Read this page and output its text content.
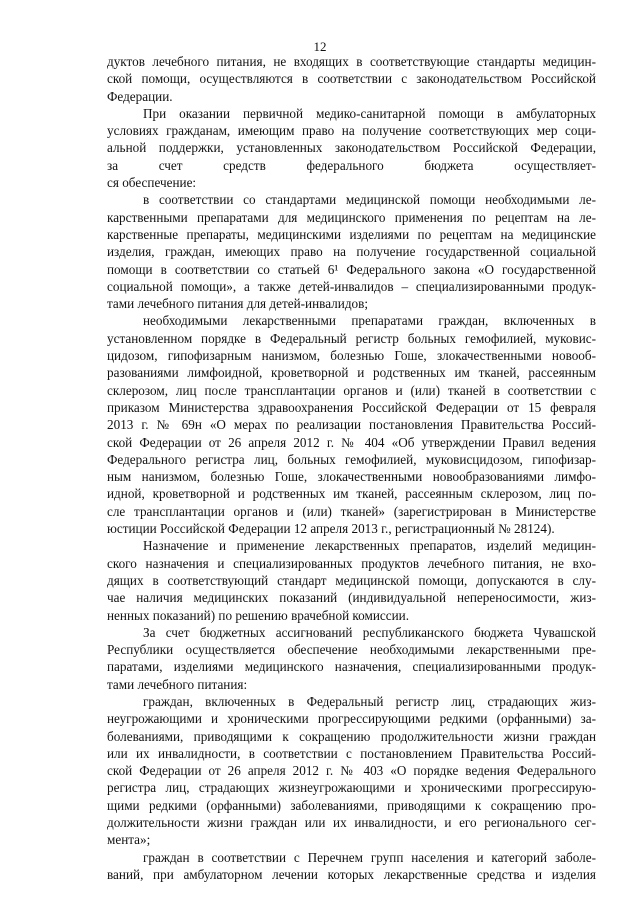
12
дуктов лечебного питания, не входящих в соответствующие стандарты медицин-
ской помощи, осуществляются в соответствии с законодательством Российской
Федерации.
При оказании первичной медико-санитарной помощи в амбулаторных
условиях гражданам, имеющим право на получение соответствующих мер соци-
альной поддержки, установленных законодательством Российской Федерации,
за счет средств федерального бюджета осуществляет-
ся обеспечение:
в соответствии со стандартами медицинской помощи необходимыми ле-
карственными препаратами для медицинского применения по рецептам на ле-
карственные препараты, медицинскими изделиями по рецептам на медицинские
изделия, граждан, имеющих право на получение государственной социальной
помощи в соответствии со статьей 6¹ Федерального закона «О государственной
социальной помощи», а также детей-инвалидов – специализированными продук-
тами лечебного питания для детей-инвалидов;
необходимыми лекарственными препаратами граждан, включенных в
установленном порядке в Федеральный регистр больных гемофилией, муковис-
цидозом, гипофизарным нанизмом, болезнью Гоше, злокачественными новооб-
разованиями лимфоидной, кроветворной и родственных им тканей, рассеянным
склерозом, лиц после трансплантации органов и (или) тканей в соответствии с
приказом Министерства здравоохранения Российской Федерации от 15 февраля
2013 г. № 69н «О мерах по реализации постановления Правительства Россий-
ской Федерации от 26 апреля 2012 г. № 404 «Об утверждении Правил ведения
Федерального регистра лиц, больных гемофилией, муковисцидозом, гипофизар-
ным нанизмом, болезнью Гоше, злокачественными новообразованиями лимфо-
идной, кроветворной и родственных им тканей, рассеянным склерозом, лиц по-
сле трансплантации органов и (или) тканей» (зарегистрирован в Министерстве
юстиции Российской Федерации 12 апреля 2013 г., регистрационный № 28124).
Назначение и применение лекарственных препаратов, изделий медицин-
ского назначения и специализированных продуктов лечебного питания, не вхо-
дящих в соответствующий стандарт медицинской помощи, допускаются в слу-
чае наличия медицинских показаний (индивидуальной непереносимости, жиз-
ненных показаний) по решению врачебной комиссии.
За счет бюджетных ассигнований республиканского бюджета Чувашской
Республики осуществляется обеспечение необходимыми лекарственными пре-
паратами, изделиями медицинского назначения, специализированными продук-
тами лечебного питания:
граждан, включенных в Федеральный регистр лиц, страдающих жиз-
неугрожающими и хроническими прогрессирующими редкими (орфанными) за-
болеваниями, приводящими к сокращению продолжительности жизни граждан
или их инвалидности, в соответствии с постановлением Правительства Россий-
ской Федерации от 26 апреля 2012 г. № 403 «О порядке ведения Федерального
регистра лиц, страдающих жизнеугрожающими и хроническими прогрессирую-
щими редкими (орфанными) заболеваниями, приводящими к сокращению про-
должительности жизни граждан или их инвалидности, и его регионального сег-
мента»;
граждан в соответствии с Перечнем групп населения и категорий заболе-
ваний, при амбулаторном лечении которых лекарственные средства и изделия
